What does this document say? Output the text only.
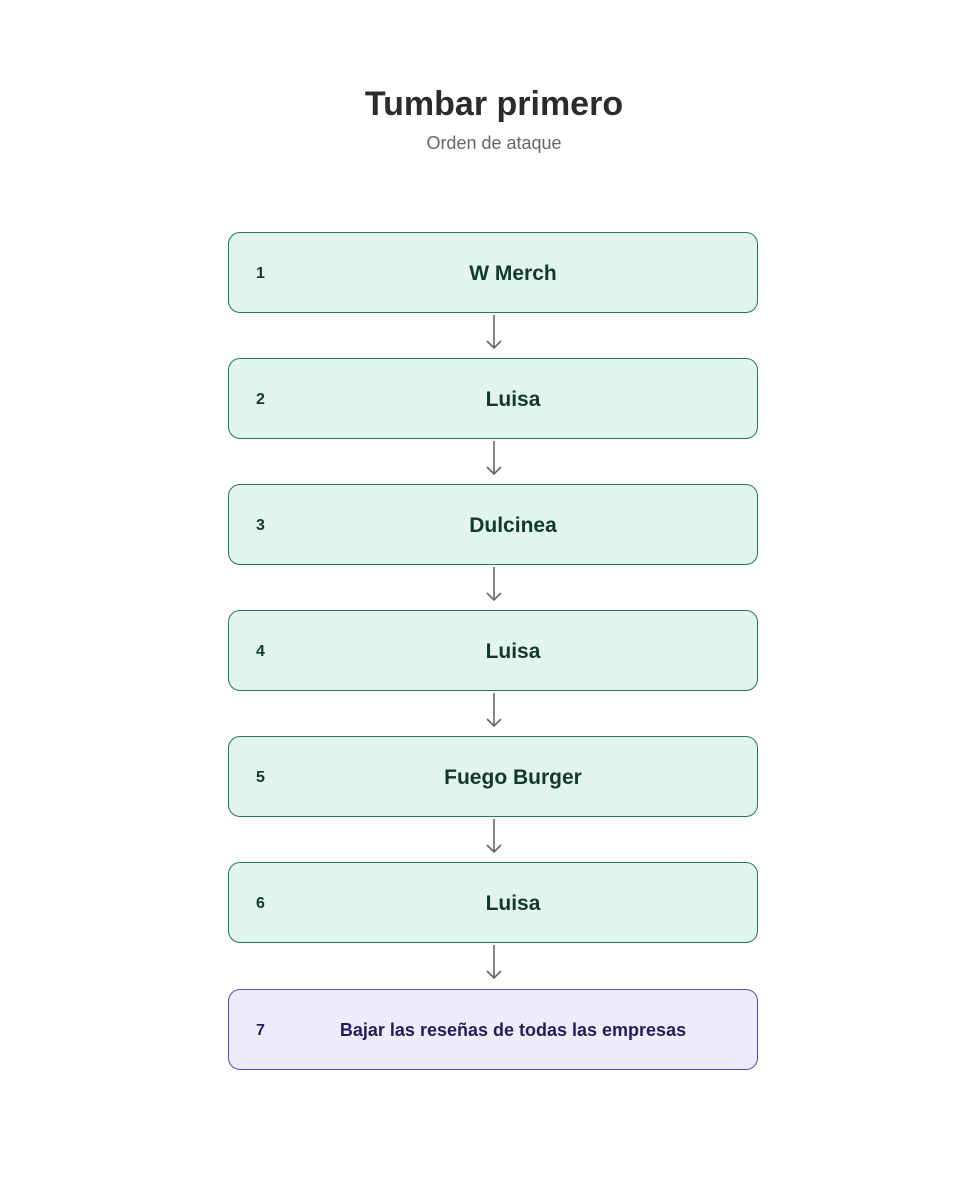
Tumbar primero
Orden de ataque
1	W Merch
2	Luisa
3	Dulcinea
4	Luisa
5	Fuego Burger
6	Luisa
7	Bajar las reseñas de todas las empresas
